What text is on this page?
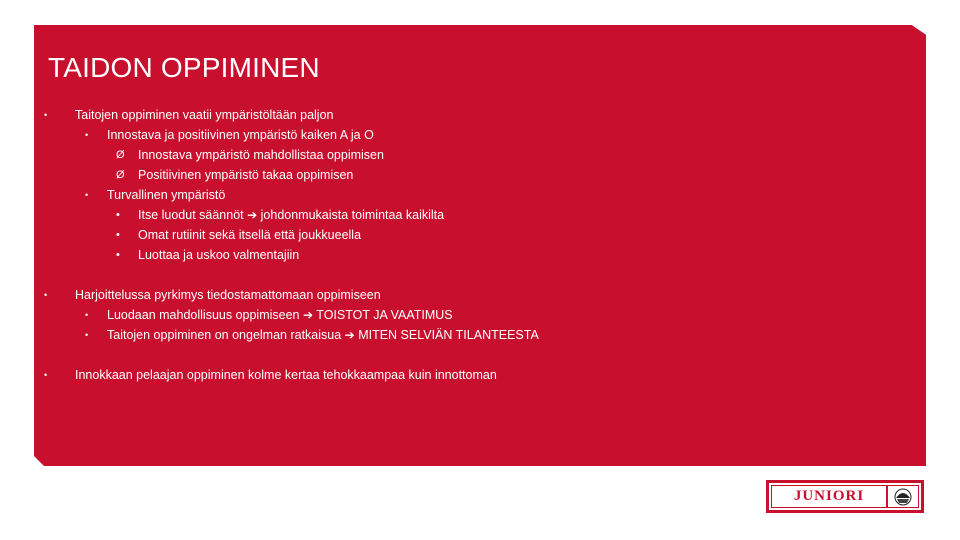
TAIDON OPPIMINEN
• Taitojen oppiminen vaatii ympäristöltään paljon
• Innostava ja positiivinen ympäristö kaiken A ja O
Ø Innostava ympäristö mahdollistaa oppimisen
Ø Positiivinen ympäristö takaa oppimisen
• Turvallinen ympäristö
• Itse luodut säännöt ➔ johdonmukaista toimintaa kaikilta
• Omat rutiinit sekä itsellä että joukkueella
• Luottaa ja uskoo valmentajiin
• Harjoittelussa pyrkimys tiedostamattomaan oppimiseen
• Luodaan mahdollisuus oppimiseen ➔ TOISTOT JA VAATIMUS
• Taitojen oppiminen on ongelman ratkaisua ➔ MITEN SELVIÄN TILANTEESTA
• Innokkaan pelaajan oppiminen kolme kertaa tehokkaampaa kuin innottoman
JUNIORI
